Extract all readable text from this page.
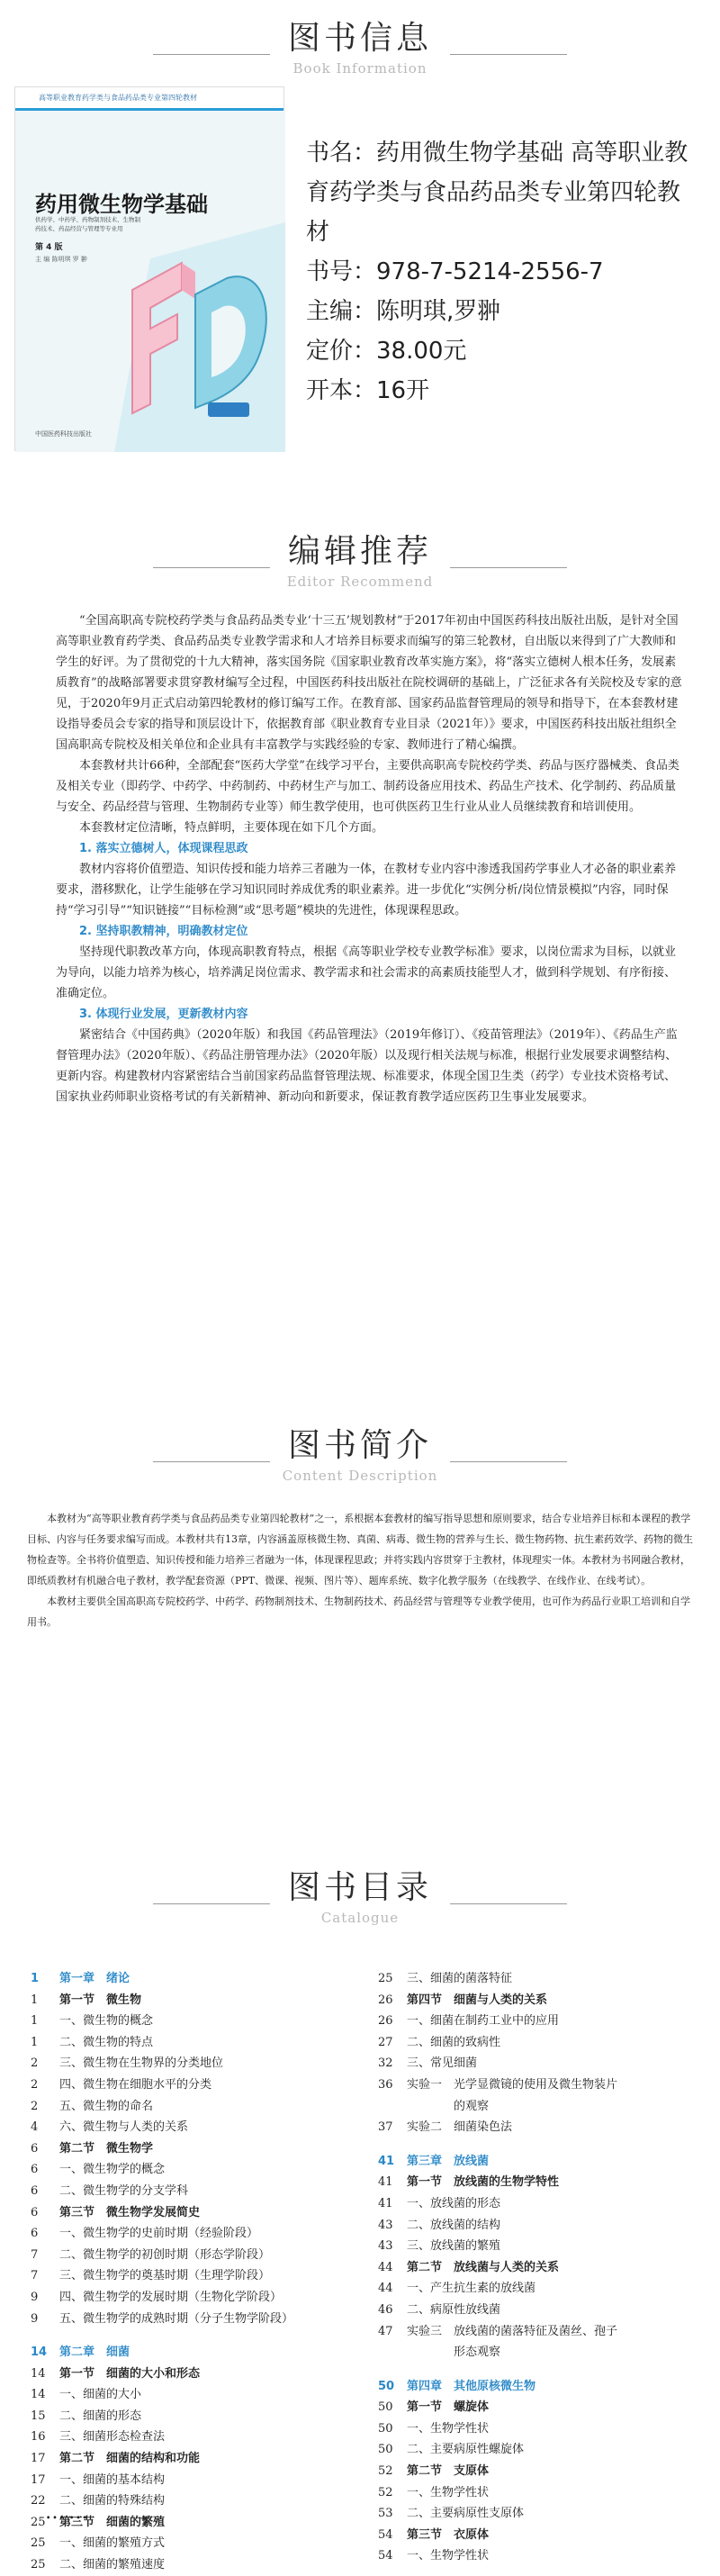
图书信息
Book Information
高等职业教育药学类与食品药品类专业第四轮教材
药用微生物学基础
供药学、中药学、药物制剂技术、生物制药技术、药品经营与管理等专业用
第 4 版
主 编 陈明琪 罗 翀
中国医药科技出版社
书名：药用微生物学基础 高等职业教育药学类与食品药品类专业第四轮教材
书号：978-7-5214-2556-7
主编：陈明琪,罗翀
定价：38.00元
开本：16开
编辑推荐
Editor Recommend

“全国高职高专院校药学类与食品药品类专业‘十三五’规划教材”于2017年初由中国医药科技出版社出版，是针对全国高等职业教育药学类、食品药品类专业教学需求和人才培养目标要求而编写的第三轮教材，自出版以来得到了广大教师和学生的好评。为了贯彻党的十九大精神，落实国务院《国家职业教育改革实施方案》，将“落实立德树人根本任务，发展素质教育”的战略部署要求贯穿教材编写全过程，中国医药科技出版社在院校调研的基础上，广泛征求各有关院校及专家的意见，于2020年9月正式启动第四轮教材的修订编写工作。在教育部、国家药品监督管理局的领导和指导下，在本套教材建设指导委员会专家的指导和顶层设计下，依据教育部《职业教育专业目录（2021年）》要求，中国医药科技出版社组织全国高职高专院校及相关单位和企业具有丰富教学与实践经验的专家、教师进行了精心编撰。

本套教材共计66种，全部配套“医药大学堂”在线学习平台，主要供高职高专院校药学类、药品与医疗器械类、食品类及相关专业（即药学、中药学、中药制药、中药材生产与加工、制药设备应用技术、药品生产技术、化学制药、药品质量与安全、药品经营与管理、生物制药专业等）师生教学使用，也可供医药卫生行业从业人员继续教育和培训使用。

本套教材定位清晰，特点鲜明，主要体现在如下几个方面。

1. 落实立德树人，体现课程思政

教材内容将价值塑造、知识传授和能力培养三者融为一体，在教材专业内容中渗透我国药学事业人才必备的职业素养要求，潜移默化，让学生能够在学习知识同时养成优秀的职业素养。进一步优化“实例分析/岗位情景模拟”内容，同时保持“学习引导”“知识链接”“目标检测”或“思考题”模块的先进性，体现课程思政。

2. 坚持职教精神，明确教材定位

坚持现代职教改革方向，体现高职教育特点，根据《高等职业学校专业教学标准》要求，以岗位需求为目标，以就业为导向，以能力培养为核心，培养满足岗位需求、教学需求和社会需求的高素质技能型人才，做到科学规划、有序衔接、准确定位。

3. 体现行业发展，更新教材内容

紧密结合《中国药典》（2020年版）和我国《药品管理法》（2019年修订）、《疫苗管理法》（2019年）、《药品生产监督管理办法》（2020年版）、《药品注册管理办法》（2020年版）以及现行相关法规与标准，根据行业发展要求调整结构、更新内容。构建教材内容紧密结合当前国家药品监督管理法规、标准要求，体现全国卫生类（药学）专业技术资格考试、国家执业药师职业资格考试的有关新精神、新动向和新要求，保证教育教学适应医药卫生事业发展要求。

图书简介
Content Description

本教材为“高等职业教育药学类与食品药品类专业第四轮教材”之一，系根据本套教材的编写指导思想和原则要求，结合专业培养目标和本课程的教学目标、内容与任务要求编写而成。本教材共有13章，内容涵盖原核微生物、真菌、病毒、微生物的营养与生长、微生物药物、抗生素药效学、药物的微生物检查等。全书将价值塑造、知识传授和能力培养三者融为一体，体现课程思政；并将实践内容贯穿于主教材，体现理实一体。本教材为书网融合教材，即纸质教材有机融合电子教材，教学配套资源（PPT、微课、视频、图片等）、题库系统、数字化教学服务（在线教学、在线作业、在线考试）。

本教材主要供全国高职高专院校药学、中药学、药物制剂技术、生物制药技术、药品经营与管理等专业教学使用，也可作为药品行业职工培训和自学用书。

图书目录
Catalogue
1 第一章　绪论
1 第一节　微生物
1 一、微生物的概念
1 二、微生物的特点
2 三、微生物在生物界的分类地位
2 四、微生物在细胞水平的分类
2 五、微生物的命名
4 六、微生物与人类的关系
6 第二节　微生物学
6 一、微生物学的概念
6 二、微生物学的分支学科
6 第三节　微生物学发展简史
6 一、微生物学的史前时期（经验阶段）
7 二、微生物学的初创时期（形态学阶段）
7 三、微生物学的奠基时期（生理学阶段）
9 四、微生物学的发展时期（生物化学阶段）
9 五、微生物学的成熟时期（分子生物学阶段）
14 第二章　细菌
14 第一节　细菌的大小和形态
14 一、细菌的大小
15 二、细菌的形态
16 三、细菌形态检查法
17 第二节　细菌的结构和功能
17 一、细菌的基本结构
22 二、细菌的特殊结构
25 第三节　细菌的繁殖
25 一、细菌的繁殖方式
25 二、细菌的繁殖速度
25 三、细菌的菌落特征
26 第四节　细菌与人类的关系
26 一、细菌在制药工业中的应用
27 二、细菌的致病性
32 三、常见细菌
36 实验一　光学显微镜的使用及微生物装片
　　　　的观察
37 实验二　细菌染色法
41 第三章　放线菌
41 第一节　放线菌的生物学特性
41 一、放线菌的形态
43 二、放线菌的结构
43 三、放线菌的繁殖
44 第二节　放线菌与人类的关系
44 一、产生抗生素的放线菌
46 二、病原性放线菌
47 实验三　放线菌的菌落特征及菌丝、孢子
　　　　形态观察
50 第四章　其他原核微生物
50 第一节　螺旋体
50 一、生物学性状
50 二、主要病原性螺旋体
52 第二节　支原体
52 一、生物学性状
53 二、主要病原性支原体
54 第三节　衣原体
54 一、生物学性状
……
